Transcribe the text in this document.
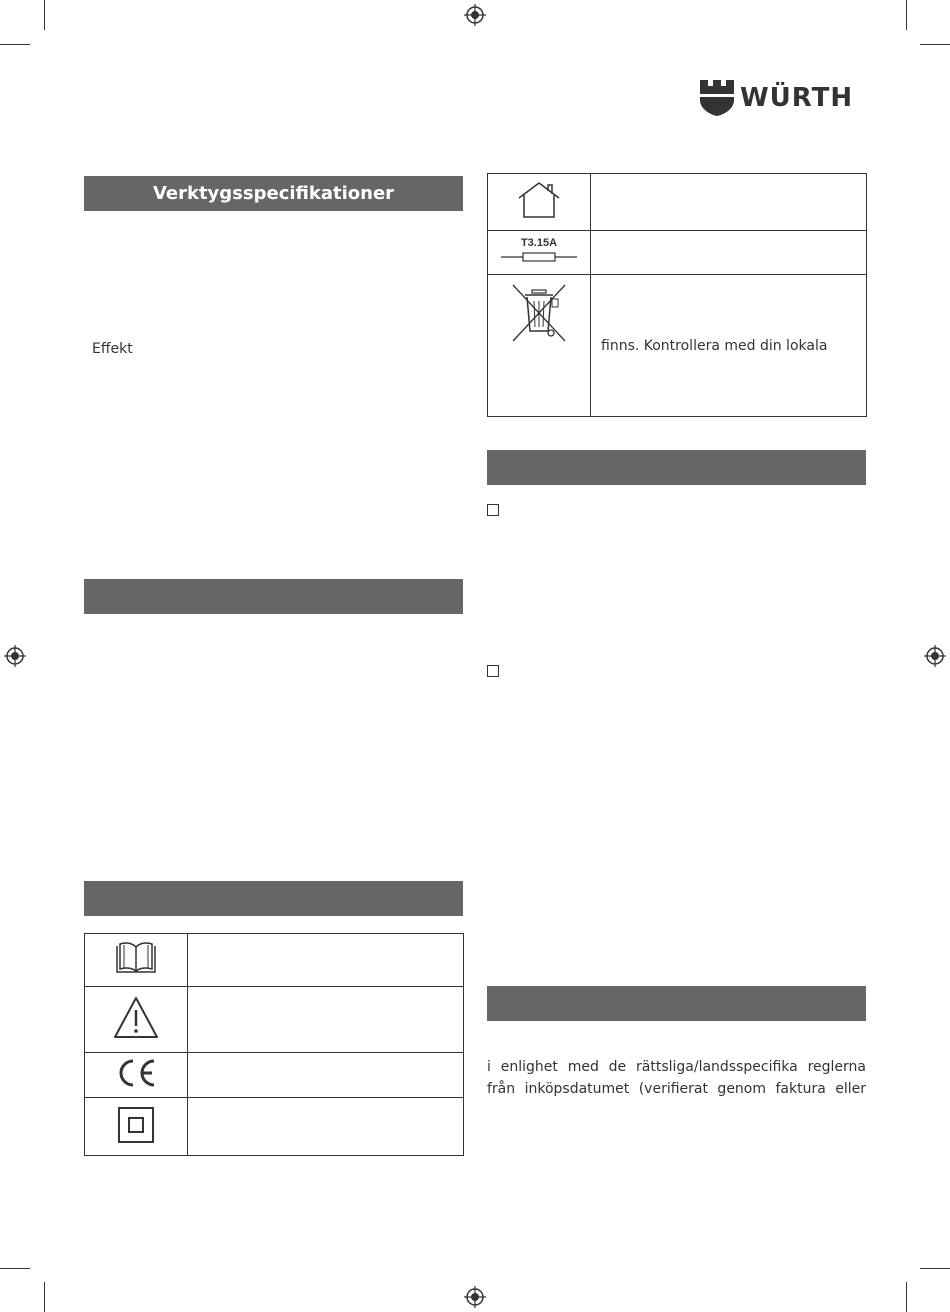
WÜRTH
Verktygsspecifikationer
Effekt

T3.15A	

finns. Kontrollera med din lokala
i enlighet med de rättsliga/landsspecifika reglerna
från inköpsdatumet (verifierat genom faktura eller
